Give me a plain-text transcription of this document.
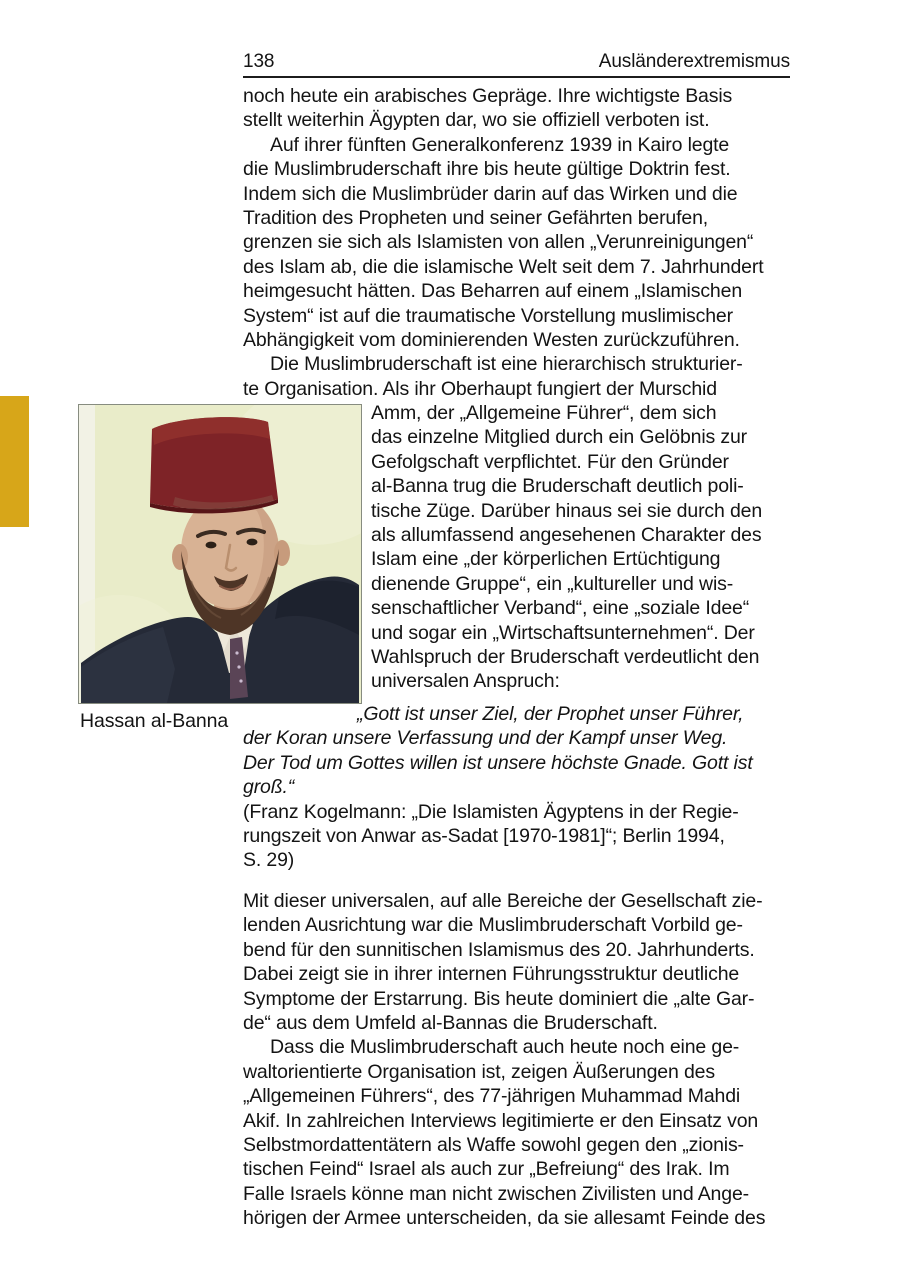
138	Ausländerextremismus
Hassan al-Banna
noch heute ein arabisches Gepräge. Ihre wichtigste Basis
stellt weiterhin Ägypten dar, wo sie offiziell verboten ist.
Auf ihrer fünften Generalkonferenz 1939 in Kairo legte
die Muslimbruderschaft ihre bis heute gültige Doktrin fest.
Indem sich die Muslimbrüder darin auf das Wirken und die
Tradition des Propheten und seiner Gefährten berufen,
grenzen sie sich als Islamisten von allen „Verunreinigungen“
des Islam ab, die die islamische Welt seit dem 7. Jahrhundert
heimgesucht hätten. Das Beharren auf einem „Islamischen
System“ ist auf die traumatische Vorstellung muslimischer
Abhängigkeit vom dominierenden Westen zurückzuführen.
Die Muslimbruderschaft ist eine hierarchisch strukturier-
te Organisation. Als ihr Oberhaupt fungiert der Murschid
Amm, der „Allgemeine Führer“, dem sich
das einzelne Mitglied durch ein Gelöbnis zur
Gefolgschaft verpflichtet. Für den Gründer
al-Banna trug die Bruderschaft deutlich poli-
tische Züge. Darüber hinaus sei sie durch den
als allumfassend angesehenen Charakter des
Islam eine „der körperlichen Ertüchtigung
dienende Gruppe“, ein „kultureller und wis-
senschaftlicher Verband“, eine „soziale Idee“
und sogar ein „Wirtschaftsunternehmen“. Der
Wahlspruch der Bruderschaft verdeutlicht den
universalen Anspruch:
„Gott ist unser Ziel, der Prophet unser Führer,
der Koran unsere Verfassung und der Kampf unser Weg.
Der Tod um Gottes willen ist unsere höchste Gnade. Gott ist
groß.“
(Franz Kogelmann: „Die Islamisten Ägyptens in der Regie-
rungszeit von Anwar as-Sadat [1970-1981]“; Berlin 1994,
S. 29)
Mit dieser universalen, auf alle Bereiche der Gesellschaft zie-
lenden Ausrichtung war die Muslimbruderschaft Vorbild ge-
bend für den sunnitischen Islamismus des 20. Jahrhunderts.
Dabei zeigt sie in ihrer internen Führungsstruktur deutliche
Symptome der Erstarrung. Bis heute dominiert die „alte Gar-
de“ aus dem Umfeld al-Bannas die Bruderschaft.
Dass die Muslimbruderschaft auch heute noch eine ge-
waltorientierte Organisation ist, zeigen Äußerungen des
„Allgemeinen Führers“, des 77-jährigen Muhammad Mahdi
Akif. In zahlreichen Interviews legitimierte er den Einsatz von
Selbstmordattentätern als Waffe sowohl gegen den „zionis-
tischen Feind“ Israel als auch zur „Befreiung“ des Irak. Im
Falle Israels könne man nicht zwischen Zivilisten und Ange-
hörigen der Armee unterscheiden, da sie allesamt Feinde des
